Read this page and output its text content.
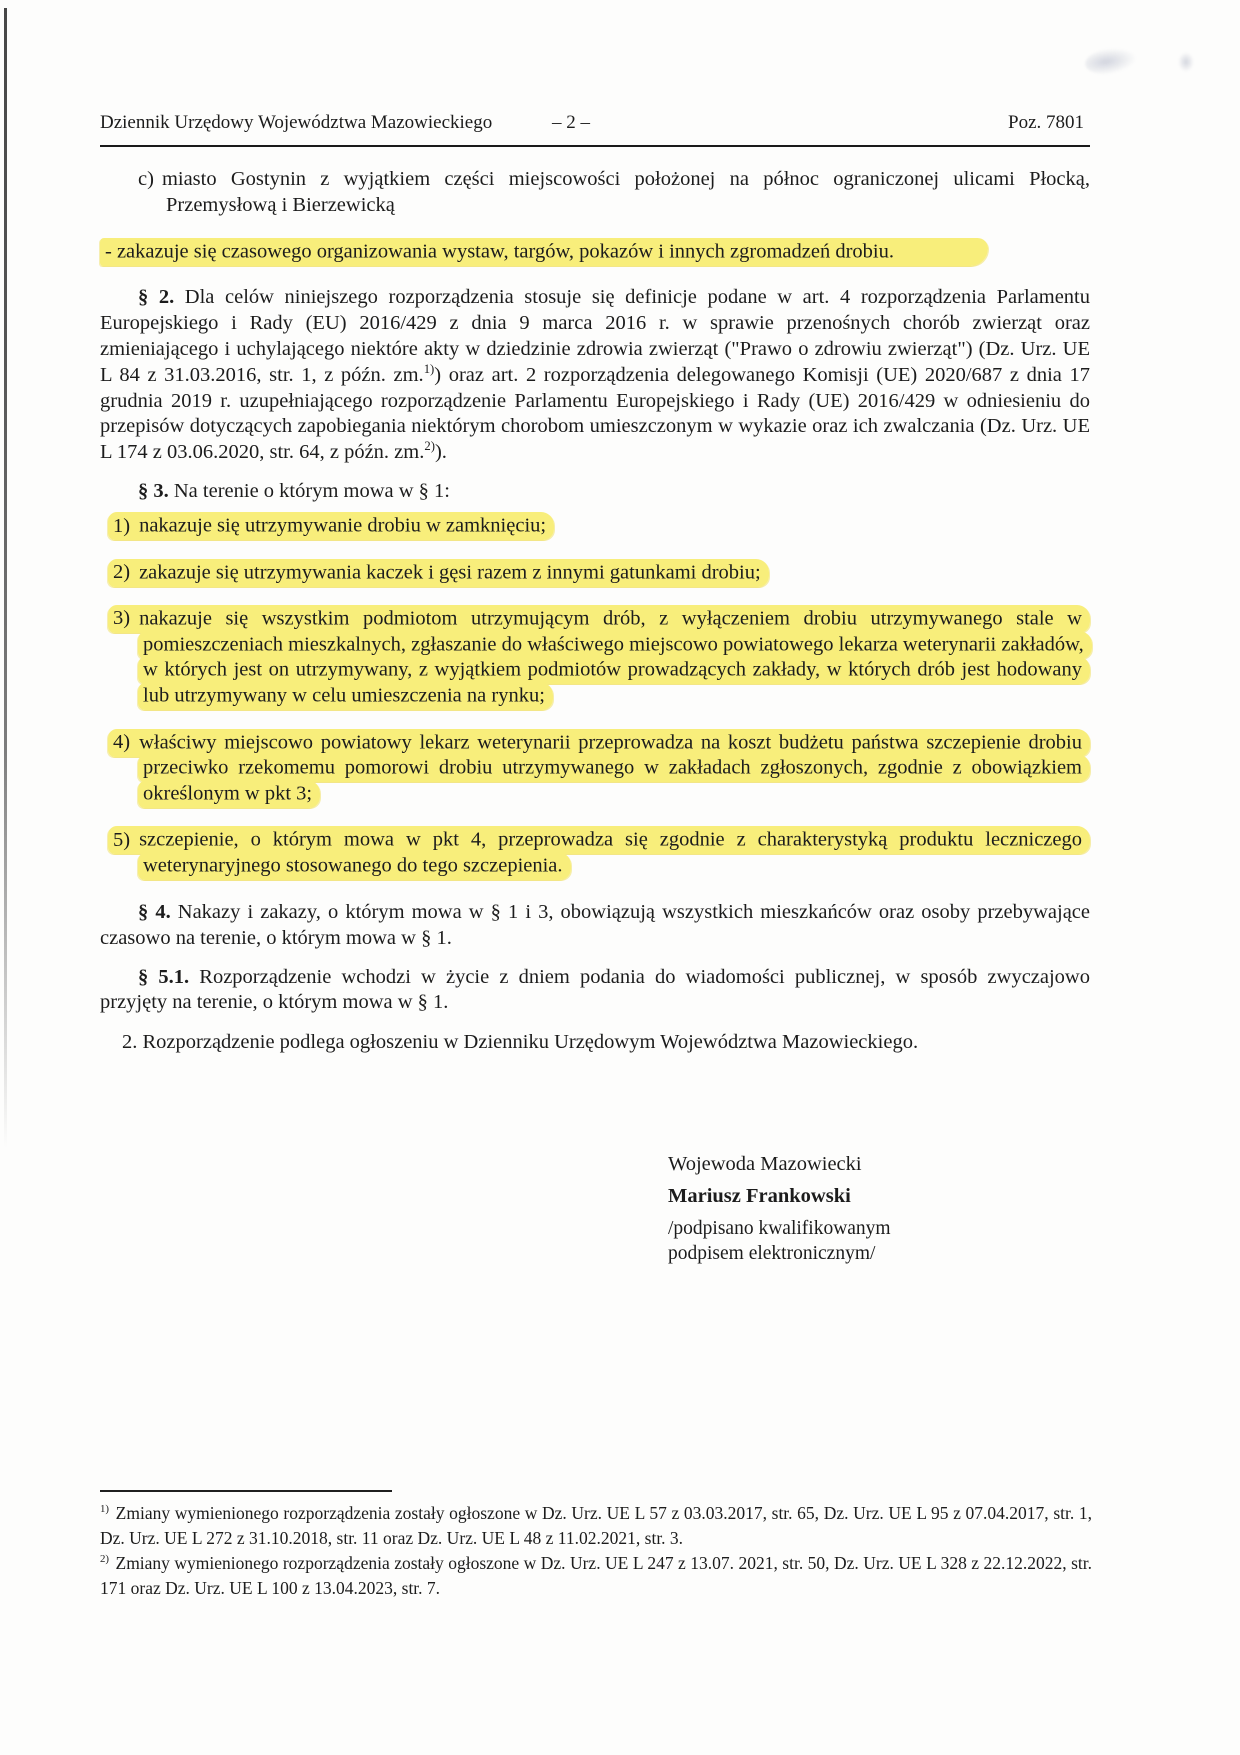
Dziennik Urzędowy Województwa Mazowieckiego	– 2 –	Poz. 7801

c) miasto Gostynin z wyjątkiem części miejscowości położonej na północ ograniczonej ulicami Płocką, Przemysłową i Bierzewicką

- zakazuje się czasowego organizowania wystaw, targów, pokazów i innych zgromadzeń drobiu.

§ 2. Dla celów niniejszego rozporządzenia stosuje się definicje podane w art. 4 rozporządzenia Parlamentu Europejskiego i Rady (EU) 2016/429 z dnia 9 marca 2016 r. w sprawie przenośnych chorób zwierząt oraz zmieniającego i uchylającego niektóre akty w dziedzinie zdrowia zwierząt ("Prawo o zdrowiu zwierząt") (Dz. Urz. UE L 84 z 31.03.2016, str. 1, z późn. zm.$^{1)}$) oraz art. 2 rozporządzenia delegowanego Komisji (UE) 2020/687 z dnia 17 grudnia 2019 r. uzupełniającego rozporządzenie Parlamentu Europejskiego i Rady (UE) 2016/429 w odniesieniu do przepisów dotyczących zapobiegania niektórym chorobom umieszczonym w wykazie oraz ich zwalczania (Dz. Urz. UE L 174 z 03.06.2020, str. 64, z późn. zm.$^{2)}$).

§ 3. Na terenie o którym mowa w § 1:

1) nakazuje się utrzymywanie drobiu w zamknięciu;

2) zakazuje się utrzymywania kaczek i gęsi razem z innymi gatunkami drobiu;

3) nakazuje się wszystkim podmiotom utrzymującym drób, z wyłączeniem drobiu utrzymywanego stale w pomieszczeniach mieszkalnych, zgłaszanie do właściwego miejscowo powiatowego lekarza weterynarii zakładów, w których jest on utrzymywany, z wyjątkiem podmiotów prowadzących zakłady, w których drób jest hodowany lub utrzymywany w celu umieszczenia na rynku;

4) właściwy miejscowo powiatowy lekarz weterynarii przeprowadza na koszt budżetu państwa szczepienie drobiu przeciwko rzekomemu pomorowi drobiu utrzymywanego w zakładach zgłoszonych, zgodnie z obowiązkiem określonym w pkt 3;

5) szczepienie, o którym mowa w pkt 4, przeprowadza się zgodnie z charakterystyką produktu leczniczego weterynaryjnego stosowanego do tego szczepienia.

§ 4. Nakazy i zakazy, o którym mowa w § 1 i 3, obowiązują wszystkich mieszkańców oraz osoby przebywające czasowo na terenie, o którym mowa w § 1.

§ 5.1. Rozporządzenie wchodzi w życie z dniem podania do wiadomości publicznej, w sposób zwyczajowo przyjęty na terenie, o którym mowa w § 1.

2. Rozporządzenie podlega ogłoszeniu w Dzienniku Urzędowym Województwa Mazowieckiego.

Wojewoda Mazowiecki
Mariusz Frankowski
/podpisano kwalifikowanym
podpisem elektronicznym/
$^{1)}$ Zmiany wymienionego rozporządzenia zostały ogłoszone w Dz. Urz. UE L 57 z 03.03.2017, str. 65, Dz. Urz. UE L 95 z 07.04.2017, str. 1, Dz. Urz. UE L 272 z 31.10.2018, str. 11 oraz Dz. Urz. UE L 48 z 11.02.2021, str. 3.
$^{2)}$ Zmiany wymienionego rozporządzenia zostały ogłoszone w Dz. Urz. UE L 247 z 13.07. 2021, str. 50, Dz. Urz. UE L 328 z 22.12.2022, str. 171 oraz Dz. Urz. UE L 100 z 13.04.2023, str. 7.
